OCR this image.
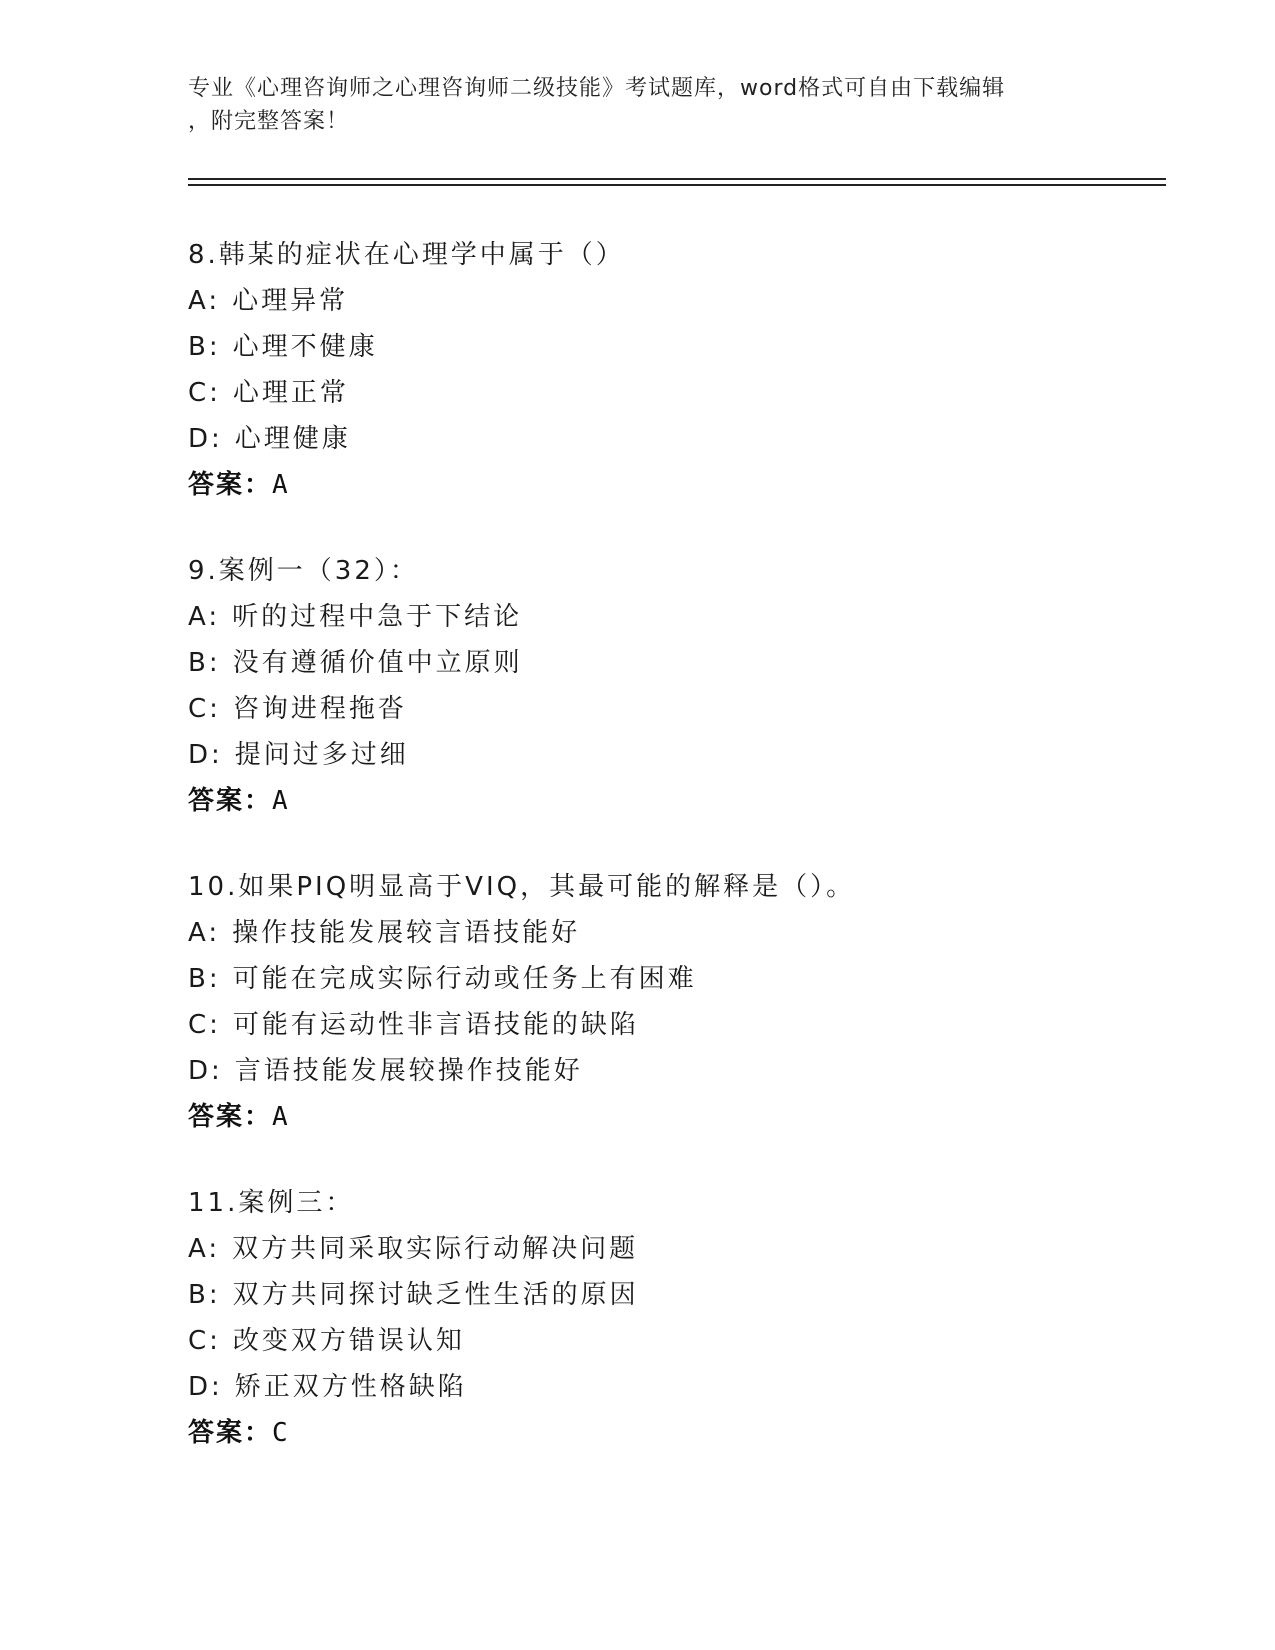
专业《心理咨询师之心理咨询师二级技能》考试题库，word格式可自由下载编辑

，附完整答案！

8.韩某的症状在心理学中属于（）
A: 心理异常
B: 心理不健康
C: 心理正常
D: 心理健康
答案：A
9.案例一（32）：
A: 听的过程中急于下结论
B: 没有遵循价值中立原则
C: 咨询进程拖沓
D: 提问过多过细
答案：A
10.如果PIQ明显高于VIQ，其最可能的解释是（）。
A: 操作技能发展较言语技能好
B: 可能在完成实际行动或任务上有困难
C: 可能有运动性非言语技能的缺陷
D: 言语技能发展较操作技能好
答案：A
11.案例三：
A: 双方共同采取实际行动解决问题
B: 双方共同探讨缺乏性生活的原因
C: 改变双方错误认知
D: 矫正双方性格缺陷
答案：C
